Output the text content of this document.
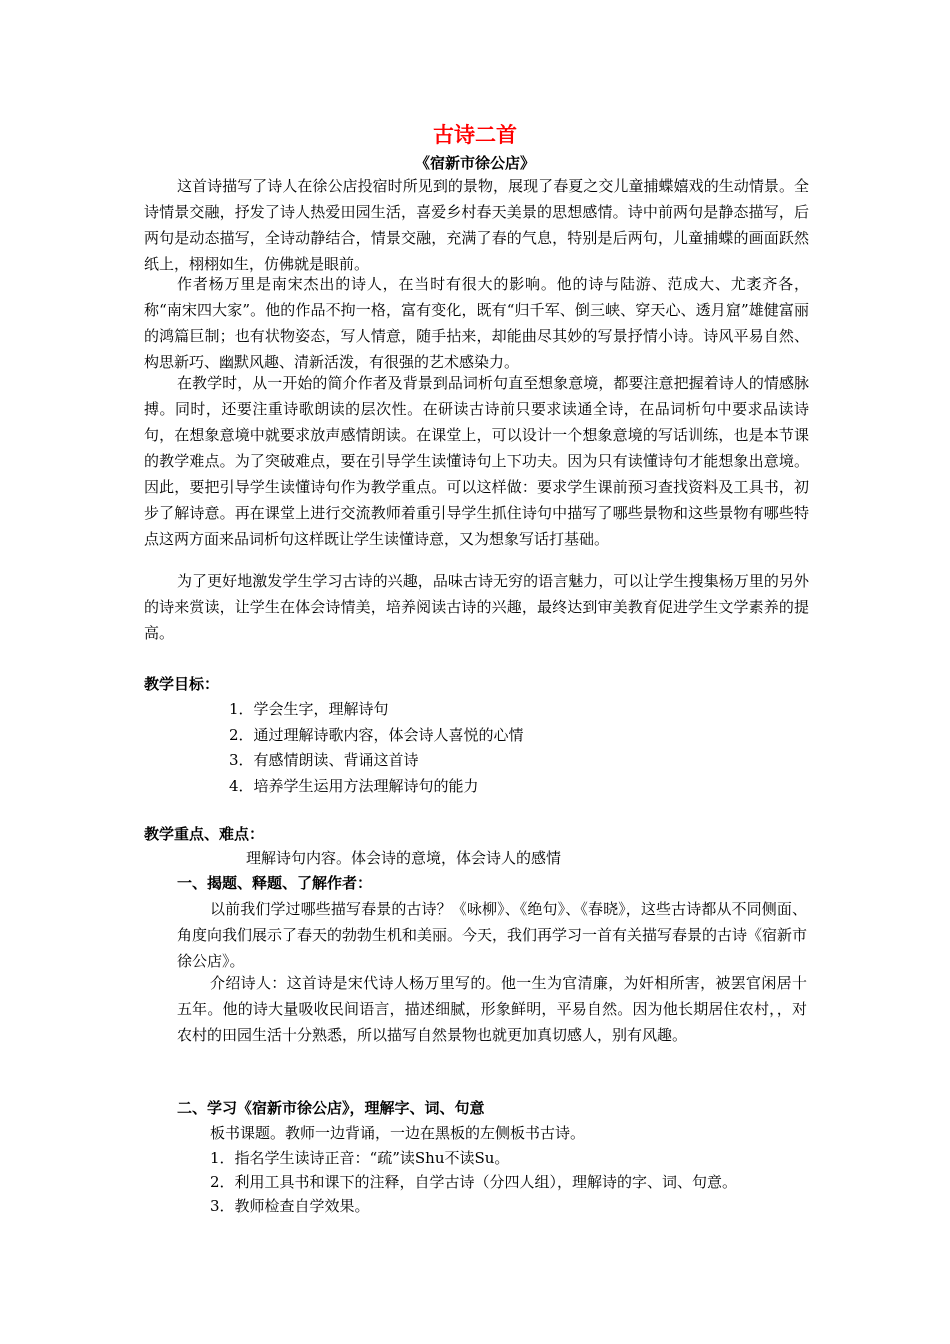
古诗二首
《宿新市徐公店》

这首诗描写了诗人在徐公店投宿时所见到的景物，展现了春夏之交儿童捕蝶嬉戏的生动情景。全诗情景交融，抒发了诗人热爱田园生活，喜爱乡村春天美景的思想感情。诗中前两句是静态描写，后两句是动态描写，全诗动静结合，情景交融，充满了春的气息，特别是后两句，儿童捕蝶的画面跃然纸上，栩栩如生，仿佛就是眼前。

作者杨万里是南宋杰出的诗人，在当时有很大的影响。他的诗与陆游、范成大、尤袤齐各，称“南宋四大家”。他的作品不拘一格，富有变化，既有“归千军、倒三峡、穿天心、透月窟”雄健富丽的鸿篇巨制；也有状物姿态，写人情意，随手拈来，却能曲尽其妙的写景抒情小诗。诗风平易自然、构思新巧、幽默风趣、清新活泼，有很强的艺术感染力。

在教学时，从一开始的简介作者及背景到品词析句直至想象意境，都要注意把握着诗人的情感脉搏。同时，还要注重诗歌朗读的层次性。在研读古诗前只要求读通全诗，在品词析句中要求品读诗句，在想象意境中就要求放声感情朗读。在课堂上，可以设计一个想象意境的写话训练，也是本节课的教学难点。为了突破难点，要在引导学生读懂诗句上下功夫。因为只有读懂诗句才能想象出意境。因此，要把引导学生读懂诗句作为教学重点。可以这样做：要求学生课前预习查找资料及工具书，初步了解诗意。再在课堂上进行交流教师着重引导学生抓住诗句中描写了哪些景物和这些景物有哪些特点这两方面来品词析句这样既让学生读懂诗意，又为想象写话打基础。

为了更好地激发学生学习古诗的兴趣，品味古诗无穷的语言魅力，可以让学生搜集杨万里的另外的诗来赏读，让学生在体会诗情美，培养阅读古诗的兴趣，最终达到审美教育促进学生文学素养的提高。

教学目标：
1．学会生字，理解诗句
2．通过理解诗歌内容，体会诗人喜悦的心情
3．有感情朗读、背诵这首诗
4．培养学生运用方法理解诗句的能力
教学重点、难点：
理解诗句内容。体会诗的意境，体会诗人的感情
一、揭题、释题、了解作者：

以前我们学过哪些描写春景的古诗？《咏柳》、《绝句》、《春晓》，这些古诗都从不同侧面、角度向我们展示了春天的勃勃生机和美丽。今天，我们再学习一首有关描写春景的古诗《宿新市徐公店》。

介绍诗人：这首诗是宋代诗人杨万里写的。他一生为官清廉，为奸相所害，被罢官闲居十五年。他的诗大量吸收民间语言，描述细腻，形象鲜明，平易自然。因为他长期居住农村，，对农村的田园生活十分熟悉，所以描写自然景物也就更加真切感人，别有风趣。

二、学习《宿新市徐公店》，理解字、词、句意
板书课题。教师一边背诵，一边在黑板的左侧板书古诗。
1．指名学生读诗正音：“疏”读Shu不读Su。
2．利用工具书和课下的注释，自学古诗（分四人组），理解诗的字、词、句意。
3．教师检查自学效果。
